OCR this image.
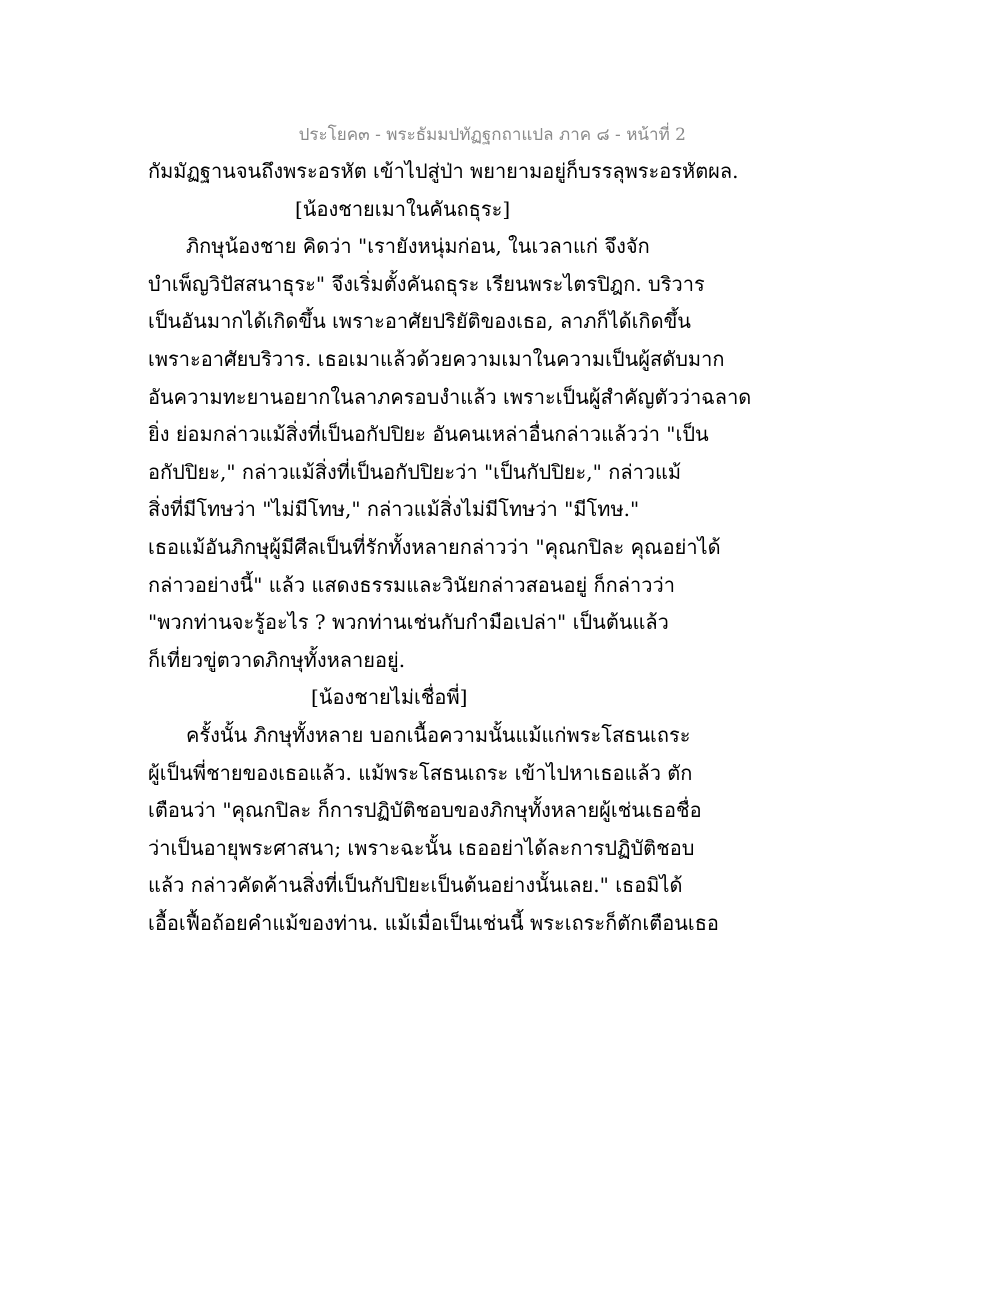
ประโยค๓ - พระธัมมปทัฏฐกถาแปล ภาค ๘ - หน้าที่ 2
กัมมัฏฐานจนถึงพระอรหัต เข้าไปสู่ป่า พยายามอยู่ก็บรรลุพระอรหัตผล.
[น้องชายเมาในคันถธุระ]
ภิกษุน้องชาย คิดว่า "เรายังหนุ่มก่อน, ในเวลาแก่ จึงจัก
บำเพ็ญวิปัสสนาธุระ" จึงเริ่มตั้งคันถธุระ เรียนพระไตรปิฎก. บริวาร
เป็นอันมากได้เกิดขึ้น เพราะอาศัยปริยัติของเธอ, ลาภก็ได้เกิดขึ้น
เพราะอาศัยบริวาร. เธอเมาแล้วด้วยความเมาในความเป็นผู้สดับมาก
อันความทะยานอยากในลาภครอบงำแล้ว เพราะเป็นผู้สำคัญตัวว่าฉลาด
ยิ่ง ย่อมกล่าวแม้สิ่งที่เป็นอกัปปิยะ อันคนเหล่าอื่นกล่าวแล้วว่า "เป็น
อกัปปิยะ," กล่าวแม้สิ่งที่เป็นอกัปปิยะว่า "เป็นกัปปิยะ," กล่าวแม้
สิ่งที่มีโทษว่า "ไม่มีโทษ," กล่าวแม้สิ่งไม่มีโทษว่า "มีโทษ."
เธอแม้อันภิกษุผู้มีศีลเป็นที่รักทั้งหลายกล่าวว่า "คุณกปิละ คุณอย่าได้
กล่าวอย่างนี้" แล้ว แสดงธรรมและวินัยกล่าวสอนอยู่ ก็กล่าวว่า
"พวกท่านจะรู้อะไร ? พวกท่านเช่นกับกำมือเปล่า" เป็นต้นแล้ว
ก็เที่ยวขู่ตวาดภิกษุทั้งหลายอยู่.
[น้องชายไม่เชื่อพี่]
ครั้งนั้น ภิกษุทั้งหลาย บอกเนื้อความนั้นแม้แก่พระโสธนเถระ
ผู้เป็นพี่ชายของเธอแล้ว. แม้พระโสธนเถระ เข้าไปหาเธอแล้ว ตัก
เตือนว่า "คุณกปิละ ก็การปฏิบัติชอบของภิกษุทั้งหลายผู้เช่นเธอชื่อ
ว่าเป็นอายุพระศาสนา; เพราะฉะนั้น เธออย่าได้ละการปฏิบัติชอบ
แล้ว กล่าวคัดค้านสิ่งที่เป็นกัปปิยะเป็นต้นอย่างนั้นเลย." เธอมิได้
เอื้อเฟื้อถ้อยคำแม้ของท่าน. แม้เมื่อเป็นเช่นนี้ พระเถระก็ตักเตือนเธอ
